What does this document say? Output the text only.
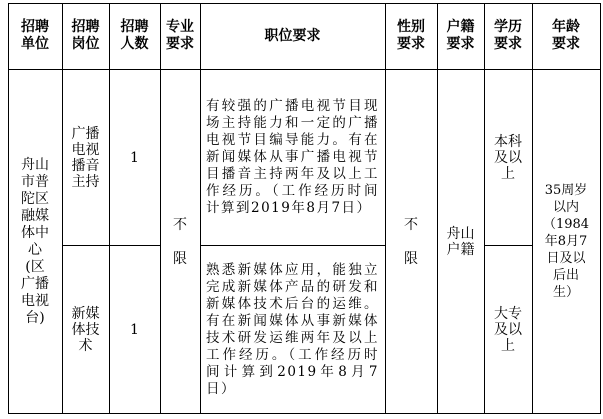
招聘
单位
招聘
岗位
招聘
人数
专业
要求
职位要求
性别
要求
户籍
要求
学历
要求
年龄
要求
舟山市普陀区融媒体中心(区广播电视台)
广播
电视
播音
主持
1
有较强的广播电视节目现场主持能力和一定的广播电视节目编导能力。有在新闻媒体从事广播电视节目播音主持两年及以上工作经历。（工作经历时间计算到2019年8月7日）
本科
及以
上
新媒
体技
术
1
熟悉新媒体应用，能独立完成新媒体产品的研发和新媒体技术后台的运维。有在新闻媒体从事新媒体技术研发运维两年及以上工作经历。（工作经历时间计算到2019年8月7日）
大专
及以
上
不
限
不
限
舟山
户籍
35周岁
以内
（1984
年8月7
日及以
后出
生）
